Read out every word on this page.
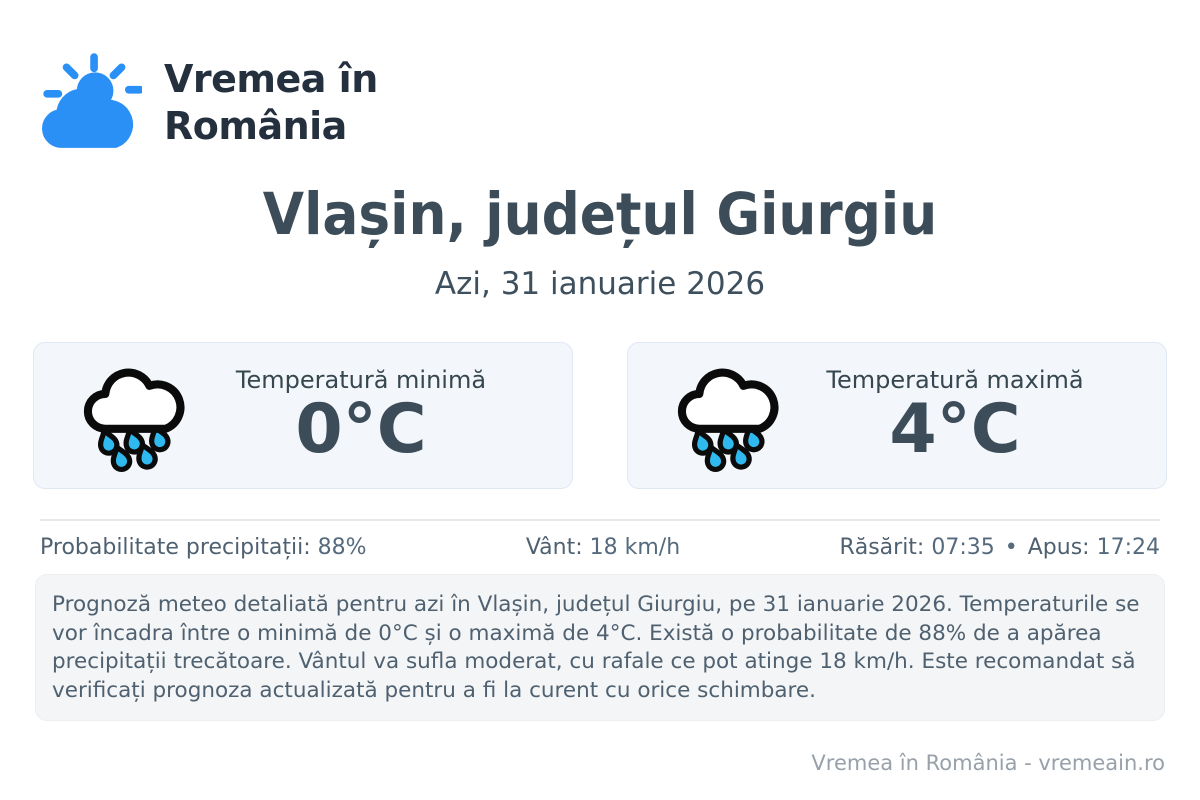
Vremea în
România
Vlașin, județul Giurgiu
Azi, 31 ianuarie 2026
Temperatură minimă
0°C
Temperatură maximă
4°C
Probabilitate precipitații: 88%	Vânt: 18 km/h	Răsărit: 07:35 • Apus: 17:24
Prognoză meteo detaliată pentru azi în Vlașin, județul Giurgiu, pe 31 ianuarie 2026. Temperaturile se vor încadra între o minimă de 0°C și o maximă de 4°C. Există o probabilitate de 88% de a apărea precipitații trecătoare. Vântul va sufla moderat, cu rafale ce pot atinge 18 km/h. Este recomandat să verificați prognoza actualizată pentru a fi la curent cu orice schimbare.
Vremea în România - vremeain.ro
